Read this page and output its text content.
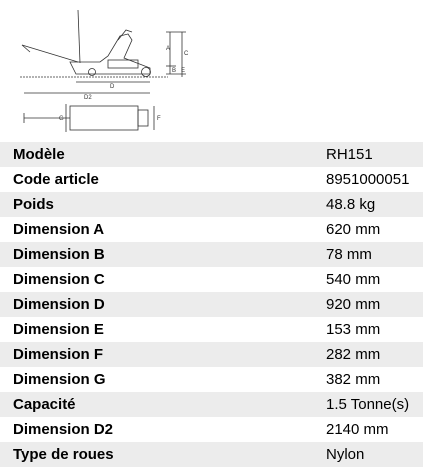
A
B
C
D
E
D2
F
G
Modèle	RH151
Code article	8951000051
Poids	48.8 kg
Dimension A	620 mm
Dimension B	78 mm
Dimension C	540 mm
Dimension D	920 mm
Dimension E	153 mm
Dimension F	282 mm
Dimension G	382 mm
Capacité	1.5 Tonne(s)
Dimension D2	2140 mm
Type de roues	Nylon
